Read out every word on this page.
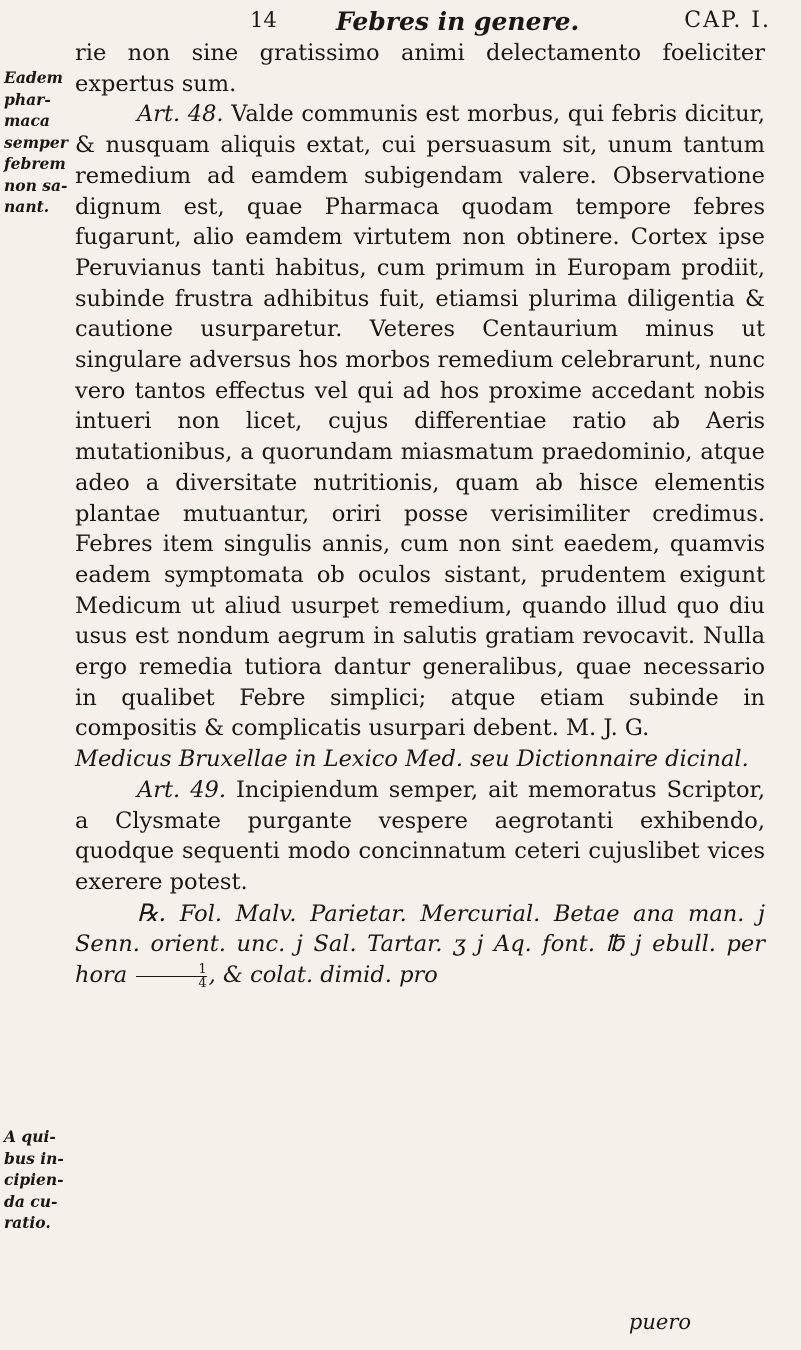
14 Febres in genere.	CAP. I.
Eadem
phar-
maca
semper
febrem
non sa-
nant.
A qui-
bus in-
cipien-
da cu-
ratio.

rie non sine gratissimo animi delectamento foeliciter expertus sum.

Art. 48. Valde communis est morbus, qui febris dicitur, & nusquam aliquis extat, cui persuasum sit, unum tantum remedium ad eamdem subigendam valere. Observatione dignum est, quae Pharmaca quodam tempore febres fugarunt, alio eamdem virtutem non obtinere. Cortex ipse Peruvianus tanti habitus, cum primum in Europam prodiit, subinde frustra adhibitus fuit, etiamsi plurima diligentia & cautione usurparetur. Veteres Centaurium minus ut singulare adversus hos morbos remedium celebrarunt, nunc vero tantos effectus vel qui ad hos proxime accedant nobis intueri non licet, cujus differentiae ratio ab Aeris mutationibus, a quorundam miasmatum praedominio, atque adeo a diversitate nutritionis, quam ab hisce elementis plantae mutuantur, oriri posse verisimiliter credimus. Febres item singulis annis, cum non sint eaedem, quamvis eadem symptomata ob oculos sistant, prudentem exigunt Medicum ut aliud usurpet remedium, quando illud quo diu usus est nondum aegrum in salutis gratiam revocavit. Nulla ergo remedia tutiora dantur generalibus, quae necessario in qualibet Febre simplici; atque etiam subinde in compositis & complicatis usurpari debent. M. J. G.

Medicus Bruxellae in Lexico Med. seu Dictionnaire dicinal.

Art. 49. Incipiendum semper, ait memoratus Scriptor, a Clysmate purgante vespere aegrotanti exhibendo, quodque sequenti modo concinnatum ceteri cujuslibet vices exerere potest.

℞. Fol. Malv. Parietar. Mercurial. Betae ana man. j Senn. orient. unc. j Sal. Tartar. ʒ j Aq. font. ℔ j ebull. per hora $\frac{1}{4}$ , & colat. dimid. pro

puero
